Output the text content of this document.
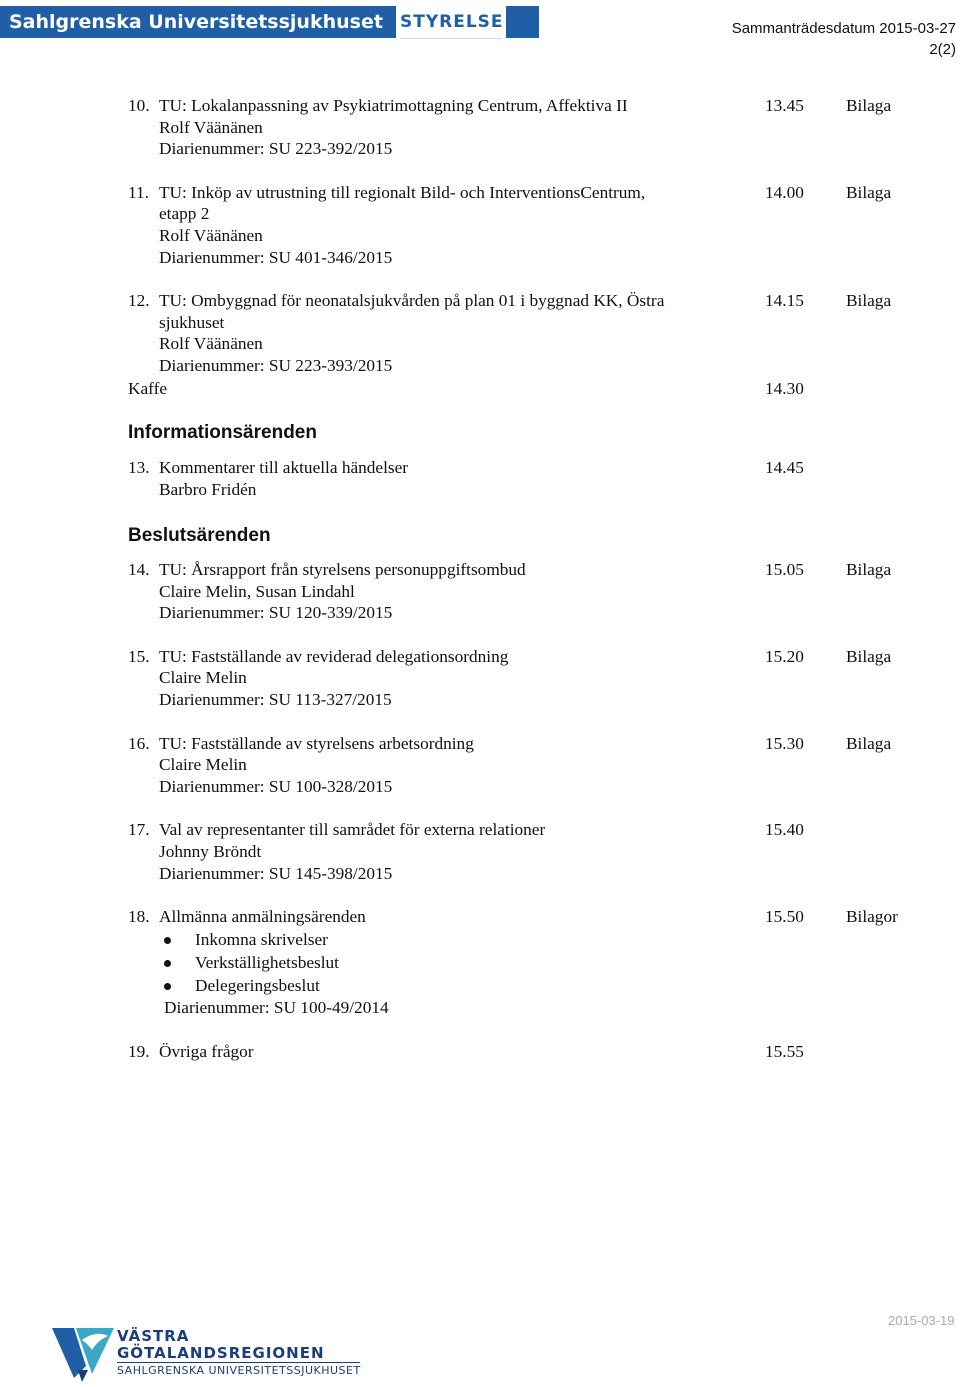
Sahlgrenska Universitetssjukhuset	STYRELSE	Sammanträdesdatum 2015-03-27
2(2)
10. TU: Lokalanpassning av Psykiatrimottagning Centrum, Affektiva II
Rolf Väänänen
Diarienummer: SU 223-392/2015
13.45 Bilaga
11. TU: Inköp av utrustning till regionalt Bild- och InterventionsCentrum,
etapp 2
Rolf Väänänen
Diarienummer: SU 401-346/2015
14.00 Bilaga
12. TU: Ombyggnad för neonatalsjukvården på plan 01 i byggnad KK, Östra
sjukhuset
Rolf Väänänen
Diarienummer: SU 223-393/2015
14.15 Bilaga
Kaffe	14.30
Informationsärenden
13. Kommentarer till aktuella händelser
Barbro Fridén
14.45
Beslutsärenden
14. TU: Årsrapport från styrelsens personuppgiftsombud
Claire Melin, Susan Lindahl
Diarienummer: SU 120-339/2015
15.05 Bilaga
15. TU: Fastställande av reviderad delegationsordning
Claire Melin
Diarienummer: SU 113-327/2015
15.20 Bilaga
16. TU: Fastställande av styrelsens arbetsordning
Claire Melin
Diarienummer: SU 100-328/2015
15.30 Bilaga
17. Val av representanter till samrådet för externa relationer
Johnny Bröndt
Diarienummer: SU 145-398/2015
15.40
18. Allmänna anmälningsärenden	15.50 Bilagor
Inkomna skrivelser
Verkställighetsbeslut
Delegeringsbeslut
Diarienummer: SU 100-49/2014
19. Övriga frågor	15.55
2015-03-19
VÄSTRA
GÖTALANDSREGIONEN
SAHLGRENSKA UNIVERSITETSSJUKHUSET
